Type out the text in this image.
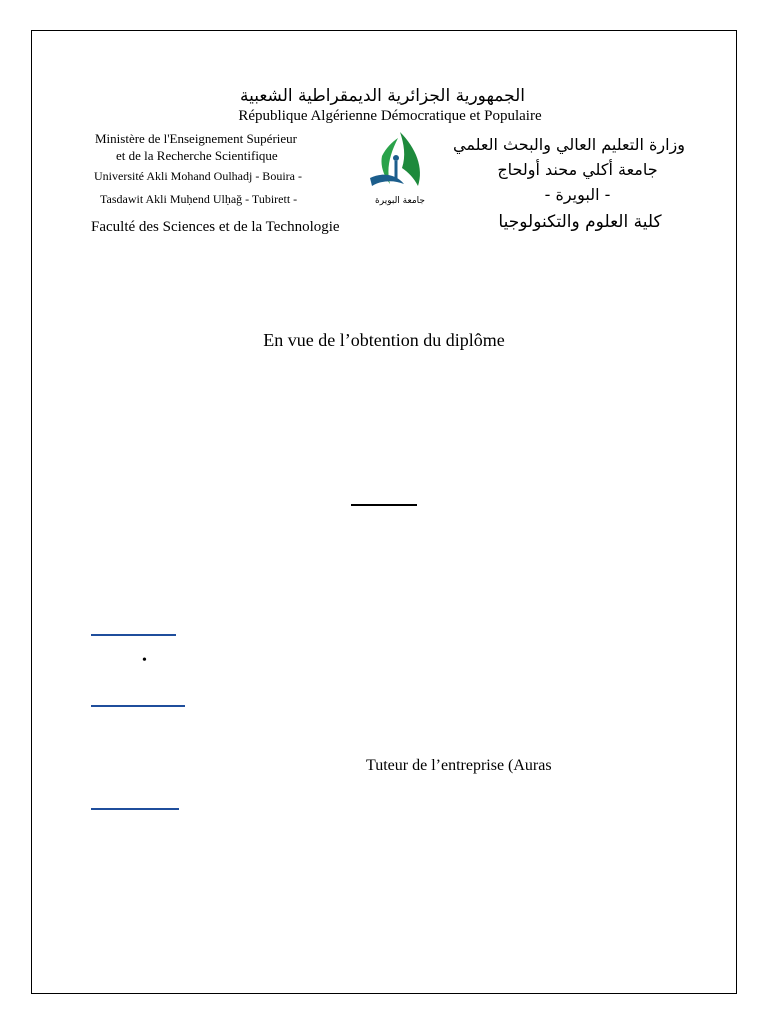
الجمهورية الجزائرية الديمقراطية الشعبية
République Algérienne Démocratique et Populaire
Ministère de l'Enseignement Supérieur
et de la Recherche Scientifique
Université Akli Mohand Oulhadj - Bouira -
Tasdawit Akli Muḥend Ulḥağ - Tubirett -
Faculté des Sciences et de la Technologie
وزارة التعليم العالي والبحث العلمي
جامعة أكلي محند أولحاج
- البويرة -
كلية العلوم والتكنولوجيا
جامعة البويرة
En vue de l’obtention du diplôme
•
Tuteur de l’entreprise (Auras
